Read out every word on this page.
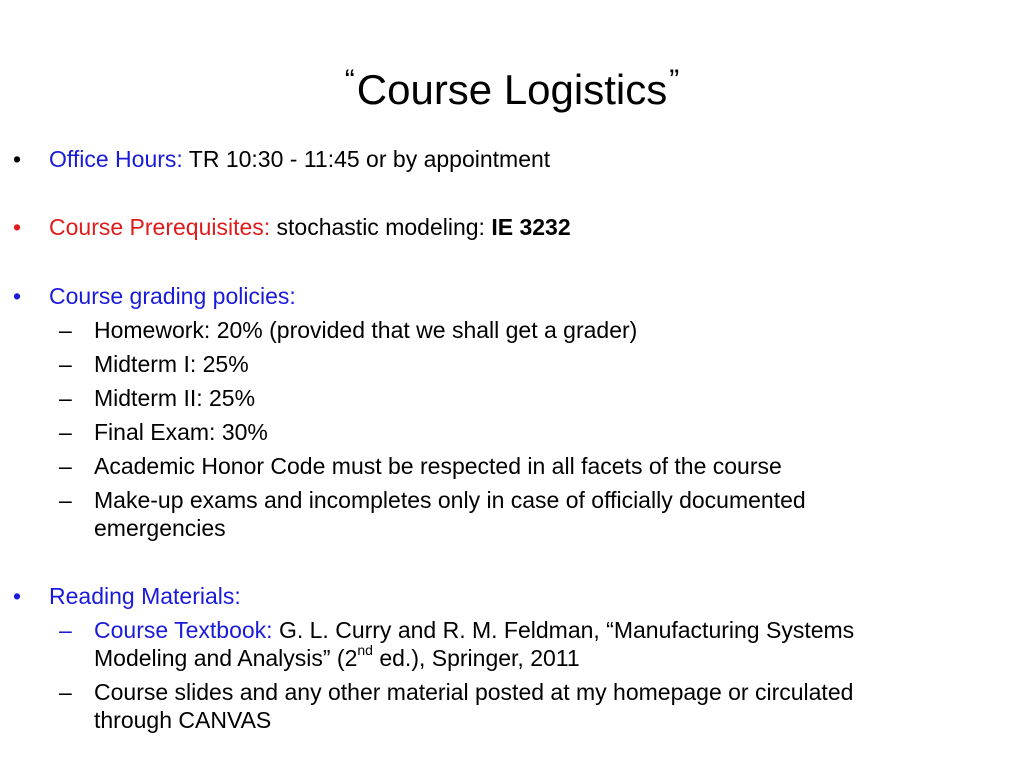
“Course Logistics”
• Office Hours: TR 10:30 - 11:45 or by appointment
• Course Prerequisites: stochastic modeling: IE 3232
• Course grading policies:
– Homework: 20% (provided that we shall get a grader)
– Midterm I: 25%
– Midterm II: 25%
– Final Exam: 30%
– Academic Honor Code must be respected in all facets of the course
– Make-up exams and incompletes only in case of officially documented
emergencies
• Reading Materials:
– Course Textbook: G. L. Curry and R. M. Feldman, “Manufacturing Systems
Modeling and Analysis” (2nd ed.), Springer, 2011
– Course slides and any other material posted at my homepage or circulated
through CANVAS
